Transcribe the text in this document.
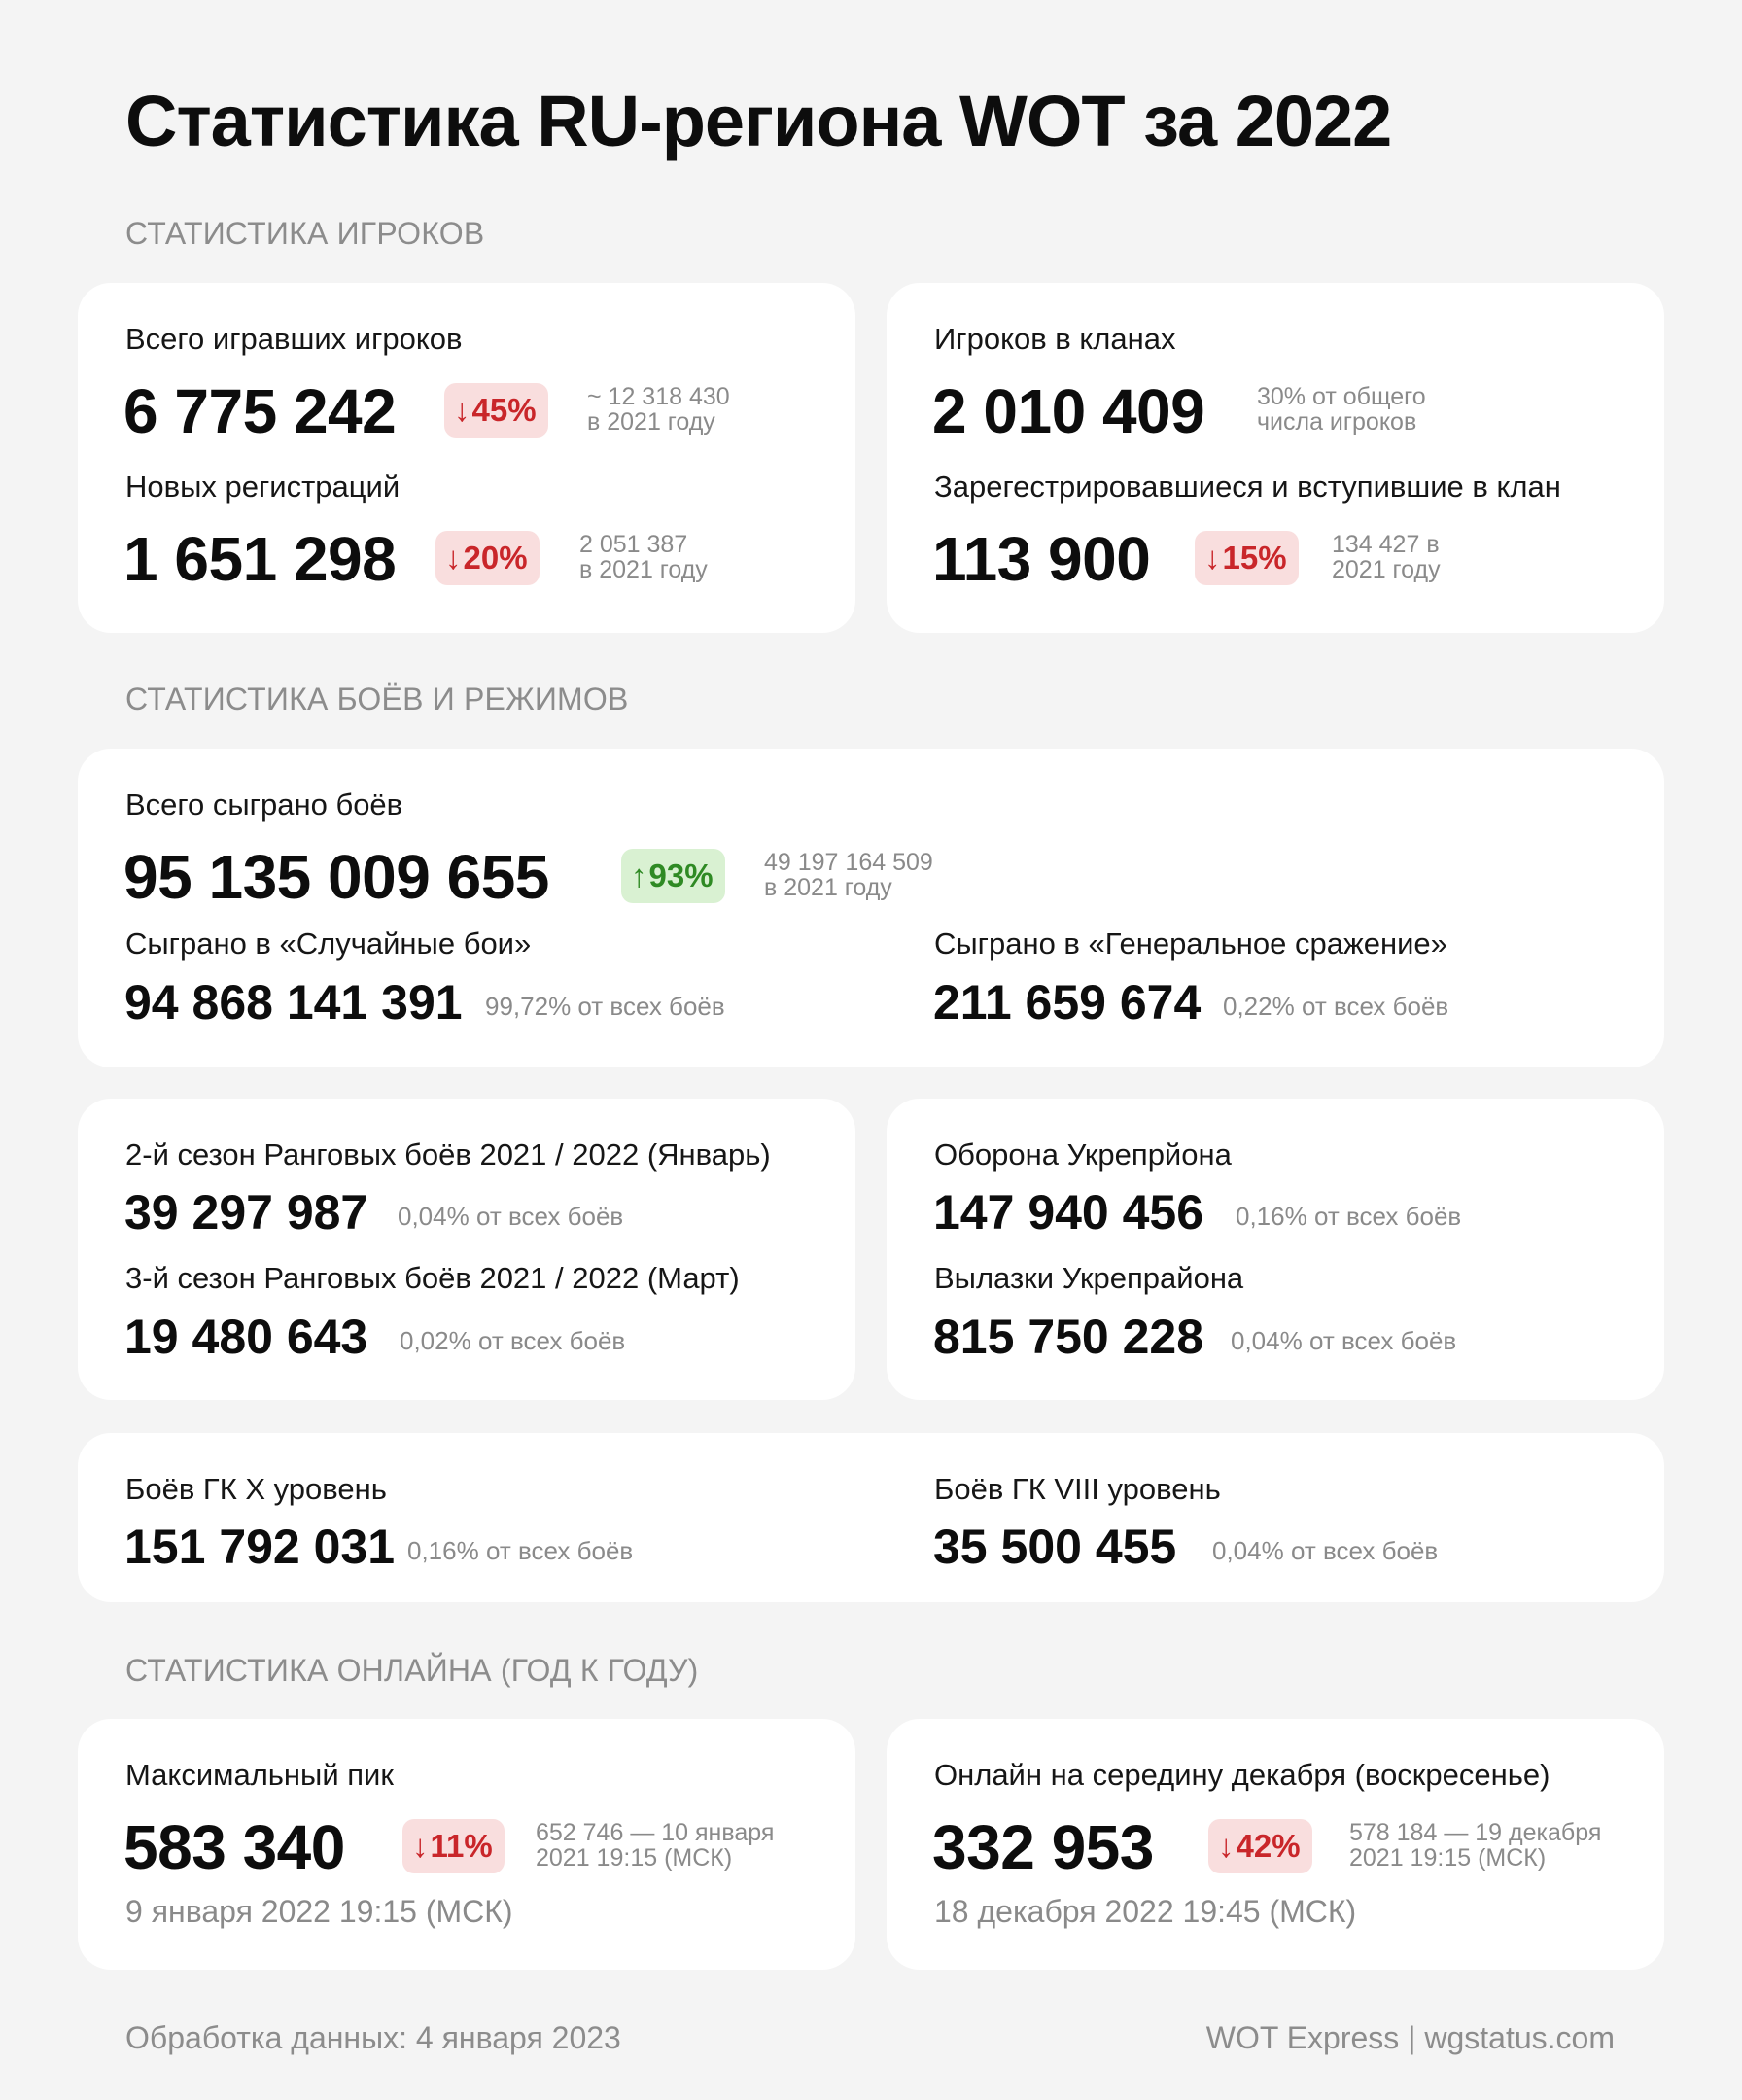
Статистика RU-региона WOT за 2022
СТАТИСТИКА ИГРОКОВ
Всего игравших игроков
6 775 242	↓45%	~ 12 318 430
в 2021 году
Новых регистраций
1 651 298	↓20%	2 051 387
в 2021 году
Игроков в кланах
2 010 409 30% от общего
числа игроков
Зарегестрировавшиеся и вступившие в клан
113 900	↓15%	134 427 в
2021 году
СТАТИСТИКА БОЁВ И РЕЖИМОВ
Всего сыграно боёв
95 135 009 655	↑93%	49 197 164 509
в 2021 году
Сыграно в «Случайные бои»
94 868 141 391 99,72% от всех боёв
Сыграно в «Генеральное сражение»
211 659 674 0,22% от всех боёв
2-й сезон Ранговых боёв 2021 / 2022 (Январь)
39 297 987 0,04% от всех боёв
3-й сезон Ранговых боёв 2021 / 2022 (Март)
19 480 643 0,02% от всех боёв
Оборона Укрепрйона
147 940 456 0,16% от всех боёв
Вылазки Укрепрайона
815 750 228 0,04% от всех боёв
Боёв ГК X уровень
151 792 031 0,16% от всех боёв
Боёв ГК VIII уровень
35 500 455 0,04% от всех боёв
СТАТИСТИКА ОНЛАЙНА (ГОД К ГОДУ)
Максимальный пик
583 340	↓11%	652 746 — 10 января
2021 19:15 (МСК)
9 января 2022 19:15 (МСК)
Онлайн на середину декабря (воскресенье)
332 953	↓42%	578 184 — 19 декабря
2021 19:15 (МСК)
18 декабря 2022 19:45 (МСК)
Обработка данных: 4 января 2023	WOT Express | wgstatus.com
